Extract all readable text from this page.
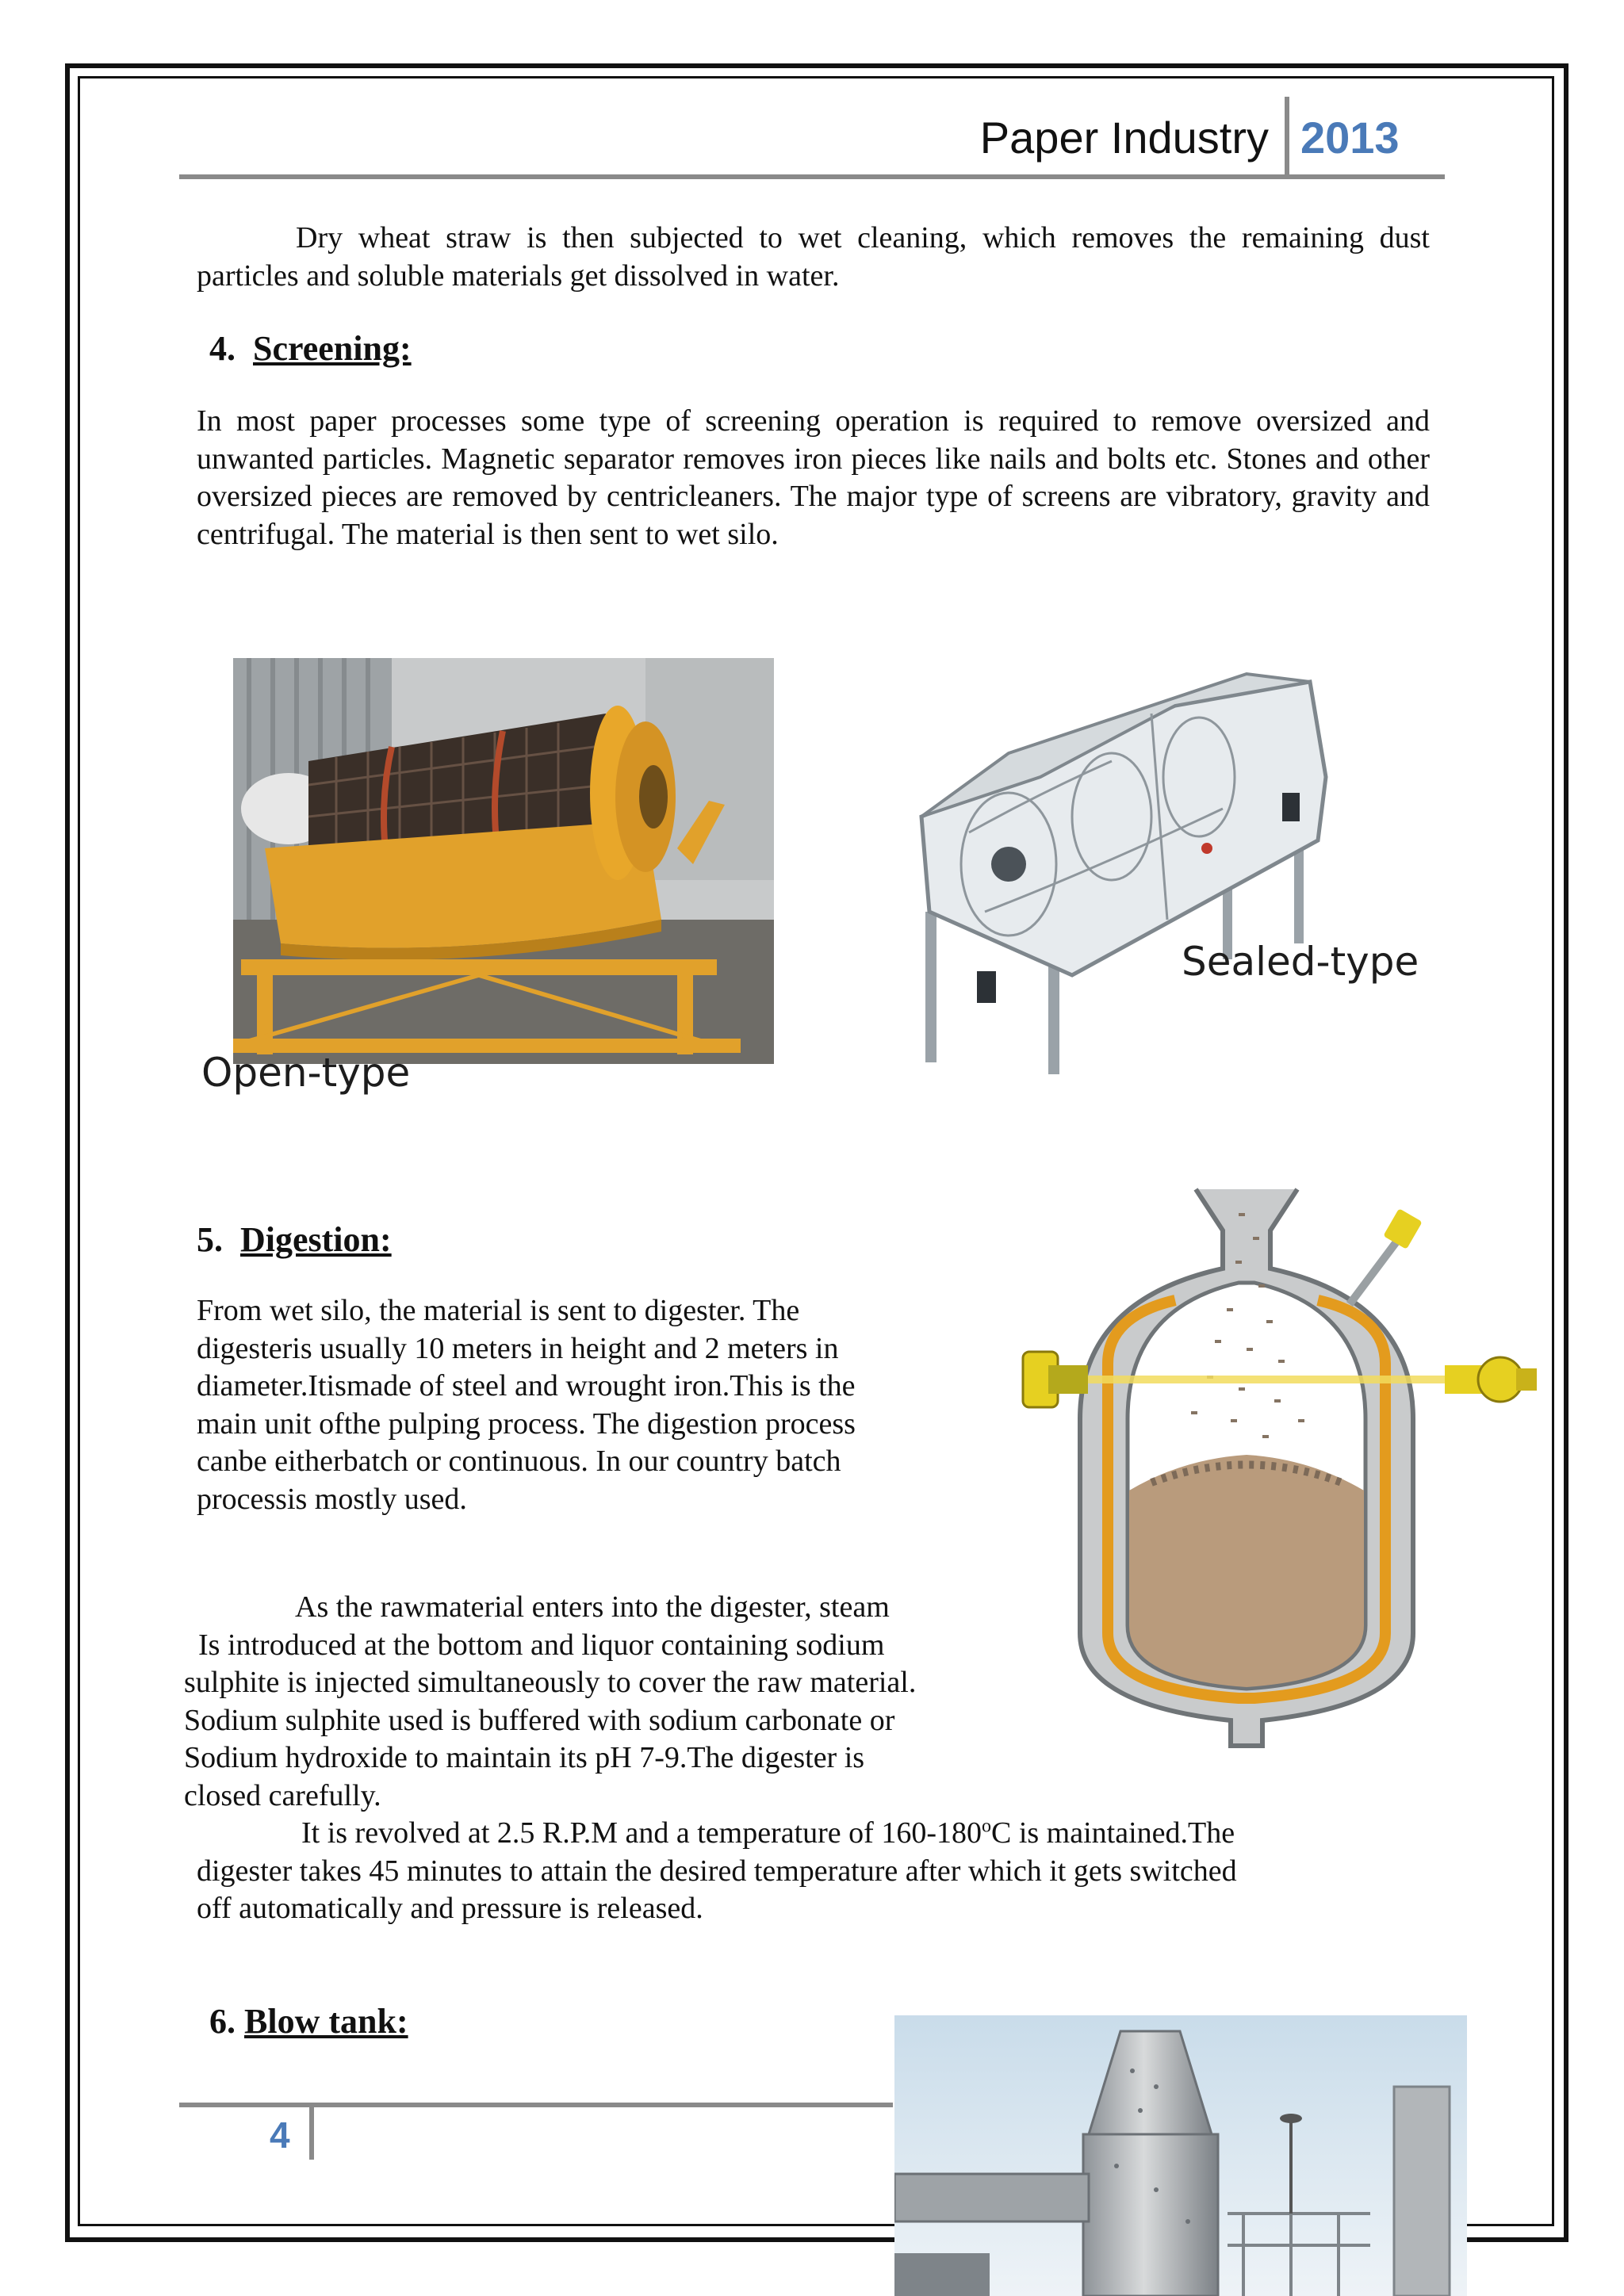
Paper Industry 2013

Dry wheat straw is then subjected to wet cleaning, which removes the remaining dust particles and soluble materials get dissolved in water.

4. Screening:

In most paper processes some type of screening operation is required to remove oversized and unwanted particles. Magnetic separator removes iron pieces like nails and bolts etc. Stones and other oversized pieces are removed by centricleaners. The major type of screens are vibratory, gravity and centrifugal. The material is then sent to wet silo.

Open-type
Sealed-type
5. Digestion:
From wet silo, the material is sent to digester. The
digesteris usually 10 meters in height and 2 meters in
diameter.Itismade of steel and wrought iron.This is the
main unit ofthe pulping process. The digestion process
canbe eitherbatch or continuous. In our country batch
processis mostly used.
As the rawmaterial enters into the digester, steam
Is introduced at the bottom and liquor containing sodium
sulphite is injected simultaneously to cover the raw material.
Sodium sulphite used is buffered with sodium carbonate or
Sodium hydroxide to maintain its pH 7-9.The digester is
closed carefully.
It is revolved at 2.5 R.P.M and a temperature of 160-180$^o$C is maintained.The
digester takes 45 minutes to attain the desired temperature after which it gets switched
off automatically and pressure is released.
6. Blow tank:
4
